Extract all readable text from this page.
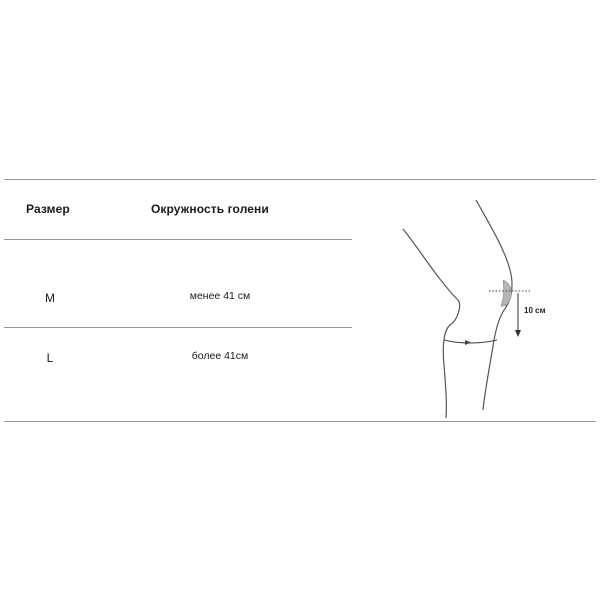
Размер	Окружность голени
M	менее 41 см
L	более 41см
10 см
